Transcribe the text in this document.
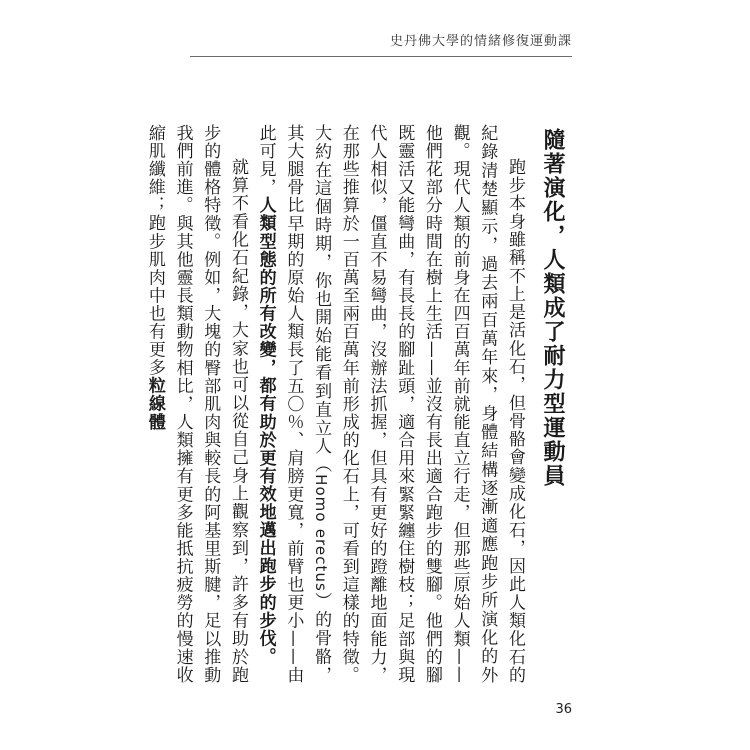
史丹佛大學的情緒修復運動課

隨著演化，人類成了耐力型運動員

跑步本身雖稱不上是活化石，但骨骼會變成化石，因此人類化石的紀錄清楚顯示，過去兩百萬年來，身體結構逐漸適應跑步所演化的外觀。現代人類的前身在四百萬年前就能直立行走，但那些原始人類——他們花部分時間在樹上生活——並沒有長出適合跑步的雙腳。他們的腳既靈活又能彎曲，有長長的腳趾頭，適合用來緊緊纏住樹枝；足部與現代人相似，僵直不易彎曲，沒辦法抓握，但具有更好的蹬離地面能力，在那些推算於一百萬至兩百萬年前形成的化石上，可看到這樣的特徵。大約在這個時期，你也開始能看到直立人（Homo erectus）的骨骼，其大腿骨比早期的原始人類長了五〇％、肩膀更寬，前臂也更小——由此可見，人類型態的所有改變，都有助於更有效地邁出跑步的步伐。

就算不看化石紀錄，大家也可以從自己身上觀察到，許多有助於跑步的體格特徵。例如，大塊的臀部肌肉與較長的阿基里斯腱，足以推動我們前進。與其他靈長類動物相比，人類擁有更多能抵抗疲勞的慢速收縮肌纖維；跑步肌肉中也有更多粒線體

36
